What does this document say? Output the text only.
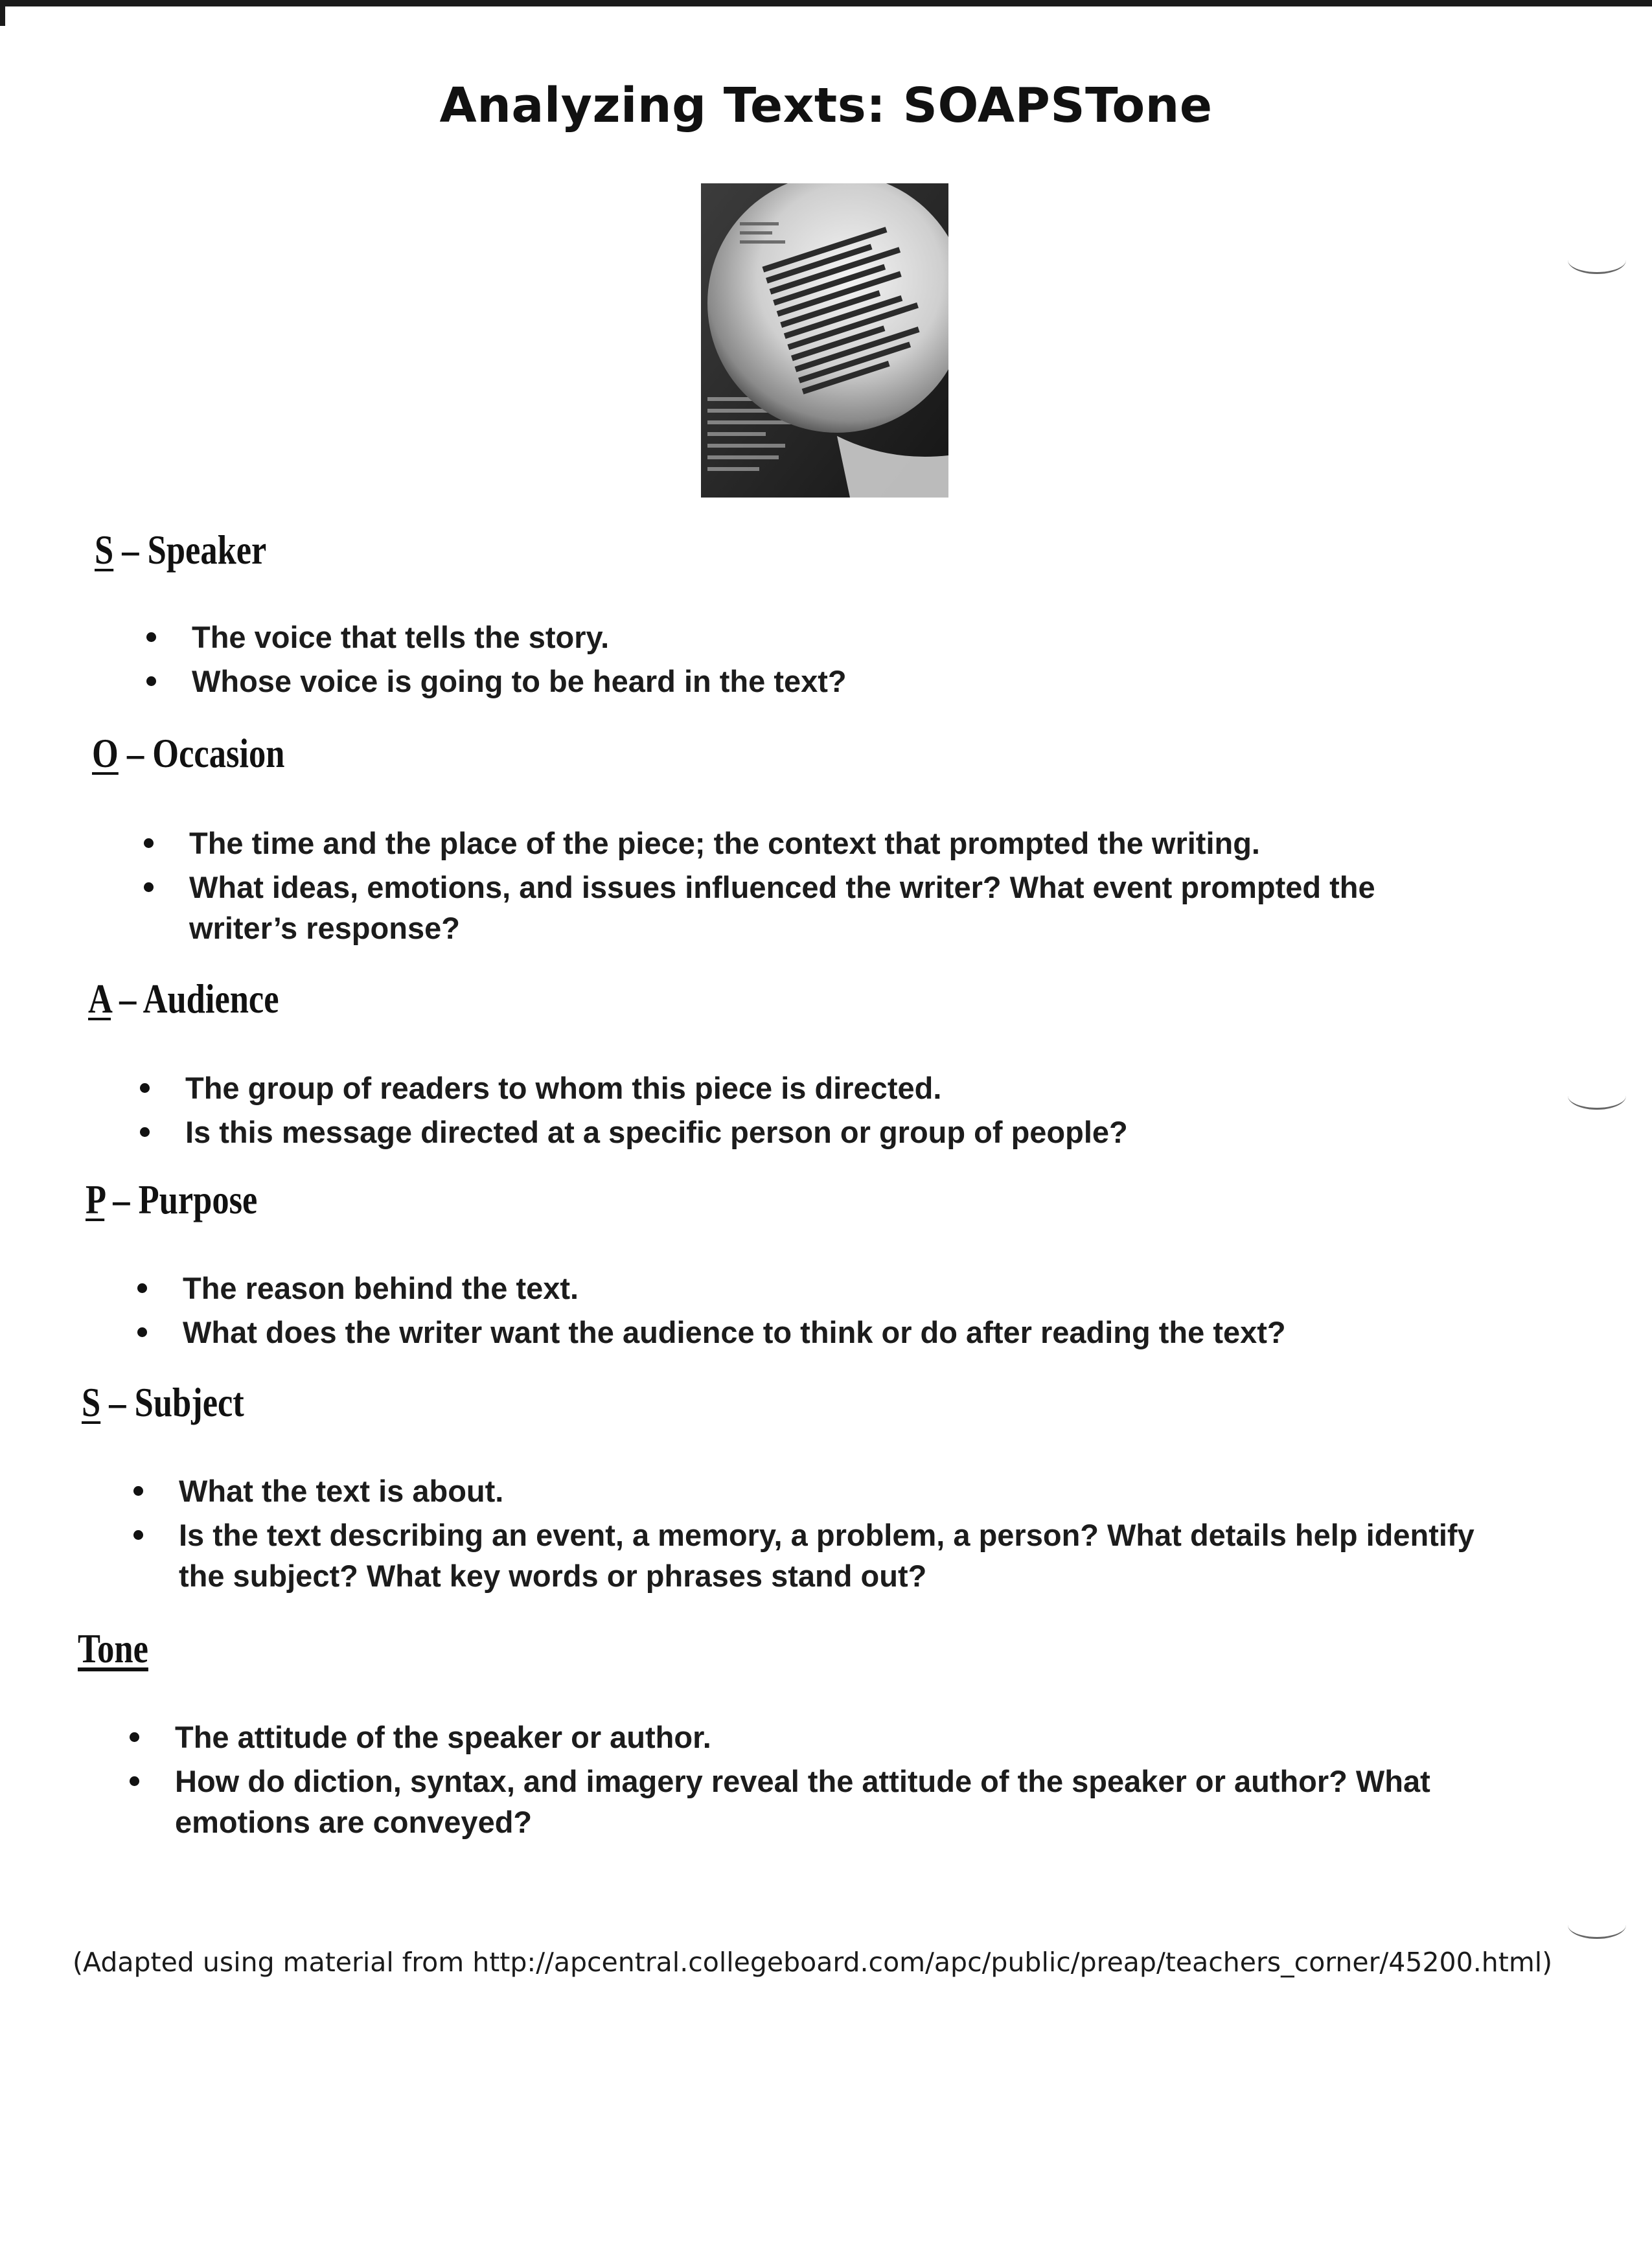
Analyzing Texts: SOAPSTone
S – Speaker
The voice that tells the story.
Whose voice is going to be heard in the text?
O – Occasion
The time and the place of the piece; the context that prompted the writing.
What ideas, emotions, and issues influenced the writer? What event prompted the writer’s response?
A – Audience
The group of readers to whom this piece is directed.
Is this message directed at a specific person or group of people?
P – Purpose
The reason behind the text.
What does the writer want the audience to think or do after reading the text?
S – Subject
What the text is about.
Is the text describing an event, a memory, a problem, a person? What details help identify the subject? What key words or phrases stand out?
Tone
The attitude of the speaker or author.
How do diction, syntax, and imagery reveal the attitude of the speaker or author? What emotions are conveyed?
(Adapted using material from http://apcentral.collegeboard.com/apc/public/preap/teachers_corner/45200.html)
